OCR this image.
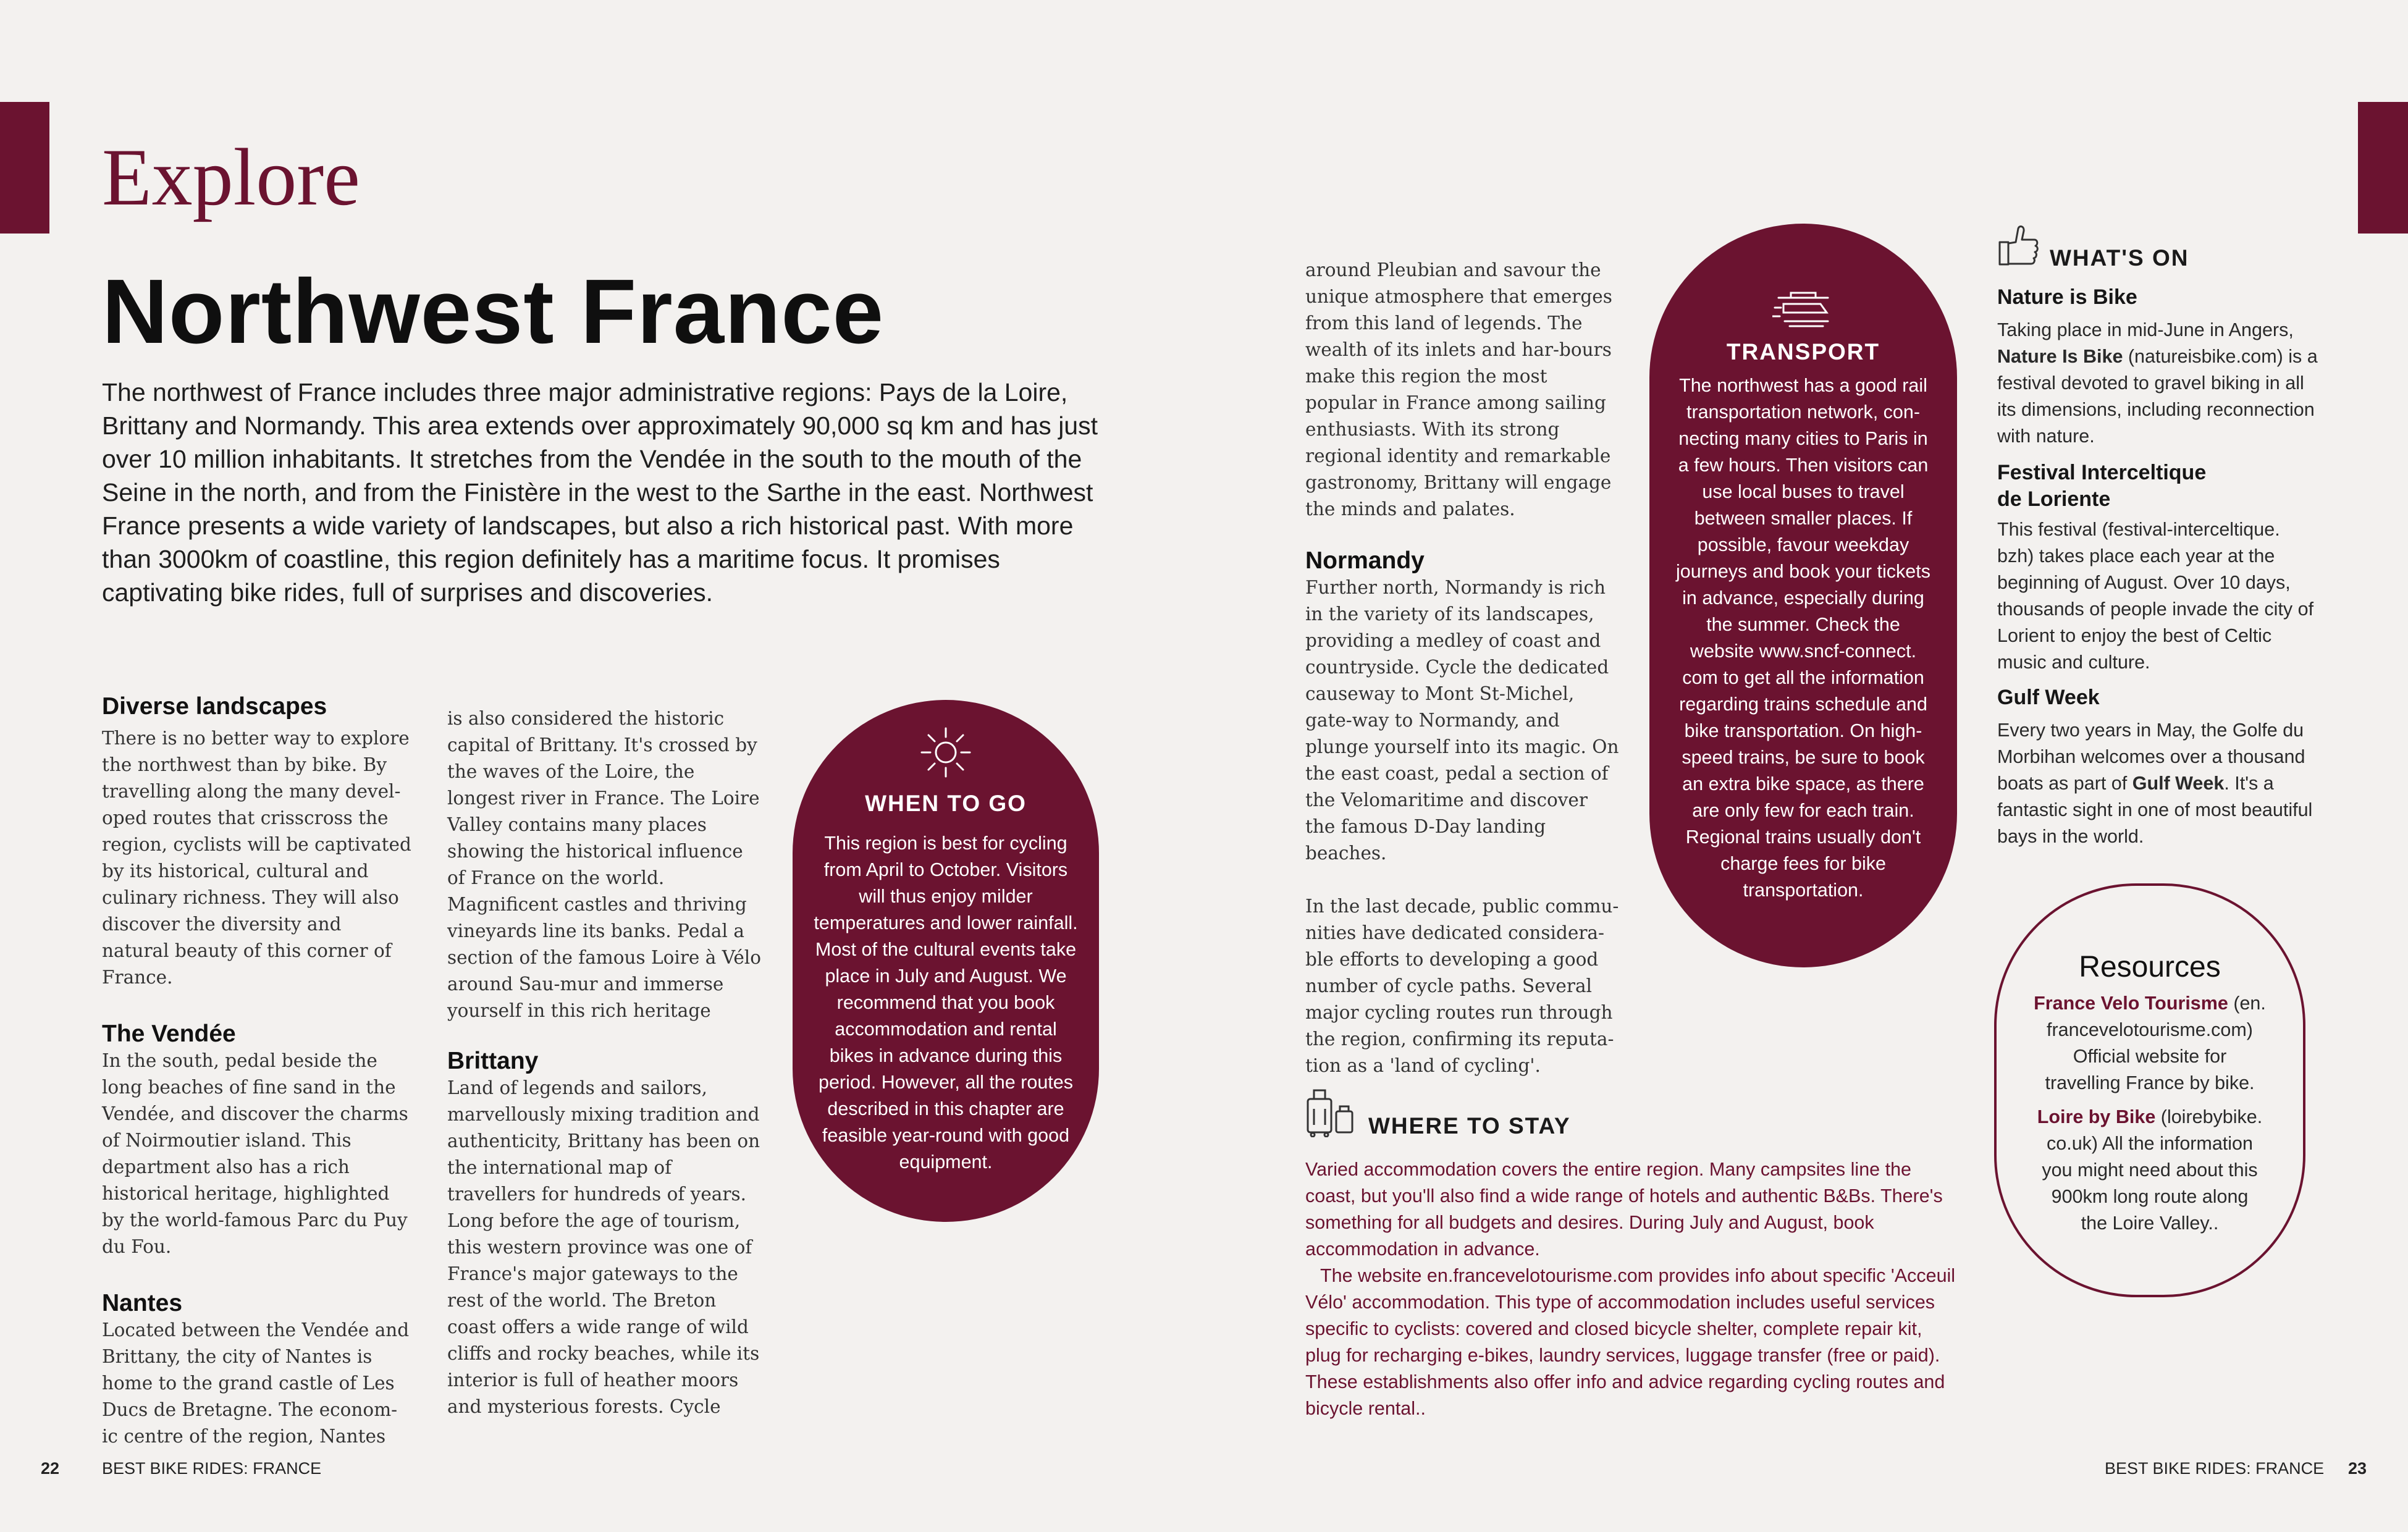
Explore
Northwest France
The northwest of France includes three major administrative regions: Pays de la Loire, Brittany and Normandy. This area extends over approximately 90,000 sq km and has just over 10 million inhabitants. It stretches from the Vendée in the south to the mouth of the Seine in the north, and from the Finistère in the west to the Sarthe in the east. Northwest France presents a wide variety of landscapes, but also a rich historical past. With more than 3000km of coastline, this region definitely has a maritime focus. It promises captivating bike rides, full of surprises and discoveries.

Diverse landscapes

There is no better way to explore the northwest than by bike. By travelling along the many devel-oped routes that crisscross the region, cyclists will be captivated by its historical, cultural and culinary richness. They will also discover the diversity and natural beauty of this corner of France.

The Vendée

In the south, pedal beside the long beaches of fine sand in the Vendée, and discover the charms of Noirmoutier island. This department also has a rich historical heritage, highlighted by the world-famous Parc du Puy du Fou.

Nantes

Located between the Vendée and Brittany, the city of Nantes is home to the grand castle of Les Ducs de Bretagne. The econom-ic centre of the region, Nantes

is also considered the historic capital of Brittany. It's crossed by the waves of the Loire, the longest river in France. The Loire Valley contains many places showing the historical influence of France on the world. Magnificent castles and thriving vineyards line its banks. Pedal a section of the famous Loire à Vélo around Sau-mur and immerse yourself in this rich heritage

Brittany

Land of legends and sailors, marvellously mixing tradition and authenticity, Brittany has been on the international map of travellers for hundreds of years. Long before the age of tourism, this western province was one of France's major gateways to the rest of the world. The Breton coast offers a wide range of wild cliffs and rocky beaches, while its interior is full of heather moors and mysterious forests. Cycle

WHEN TO GO
This region is best for cycling from April to October. Visitors will thus enjoy milder temperatures and lower rainfall. Most of the cultural events take place in July and August. We recommend that you book accommodation and rental bikes in advance during this period. However, all the routes described in this chapter are feasible year-round with good equipment.

around Pleubian and savour the unique atmosphere that emerges from this land of legends. The wealth of its inlets and har-bours make this region the most popular in France among sailing enthusiasts. With its strong regional identity and remarkable gastronomy, Brittany will engage the minds and palates.

Normandy

Further north, Normandy is rich in the variety of its landscapes, providing a medley of coast and countryside. Cycle the dedicated causeway to Mont St-Michel, gate-way to Normandy, and plunge yourself into its magic. On the east coast, pedal a section of the Velomaritime and discover the famous D-Day landing beaches.

In the last decade, public commu-nities have dedicated considera-ble efforts to developing a good number of cycle paths. Several major cycling routes run through the region, confirming its reputa-tion as a 'land of cycling'.

TRANSPORT
The northwest has a good rail transportation network, con-necting many cities to Paris in a few hours. Then visitors can use local buses to travel between smaller places. If possible, favour weekday journeys and book your tickets in advance, especially during the summer. Check the website www.sncf-connect. com to get all the information regarding trains schedule and bike transportation. On high-speed trains, be sure to book an extra bike space, as there are only few for each train. Regional trains usually don't charge fees for bike transportation.
WHERE TO STAY

Varied accommodation covers the entire region. Many campsites line the coast, but you'll also find a wide range of hotels and authentic B&Bs. There's something for all budgets and desires. During July and August, book accommodation in advance.

The website en.francevelotourisme.com provides info about specific 'Acceuil Vélo' accommodation. This type of accommodation includes useful services specific to cyclists: covered and closed bicycle shelter, complete repair kit, plug for recharging e-bikes, laundry services, luggage transfer (free or paid). These establishments also offer info and advice regarding cycling routes and bicycle rental..

WHAT'S ON

Nature is Bike

Taking place in mid-June in Angers, Nature Is Bike (natureisbike.com) is a festival devoted to gravel biking in all its dimensions, including reconnection with nature.

Festival Interceltique
de Loriente

This festival (festival-interceltique. bzh) takes place each year at the beginning of August. Over 10 days, thousands of people invade the city of Lorient to enjoy the best of Celtic music and culture.

Gulf Week

Every two years in May, the Golfe du Morbihan welcomes over a thousand boats as part of Gulf Week. It's a fantastic sight in one of most beautiful bays in the world.

Resources
France Velo Tourisme (en.
francevelotourisme.com)
Official website for
travelling France by bike.
Loire by Bike (loirebybike.
co.uk) All the information
you might need about this
900km long route along
the Loire Valley..
22	BEST BIKE RIDES: FRANCE	BEST BIKE RIDES: FRANCE 23
